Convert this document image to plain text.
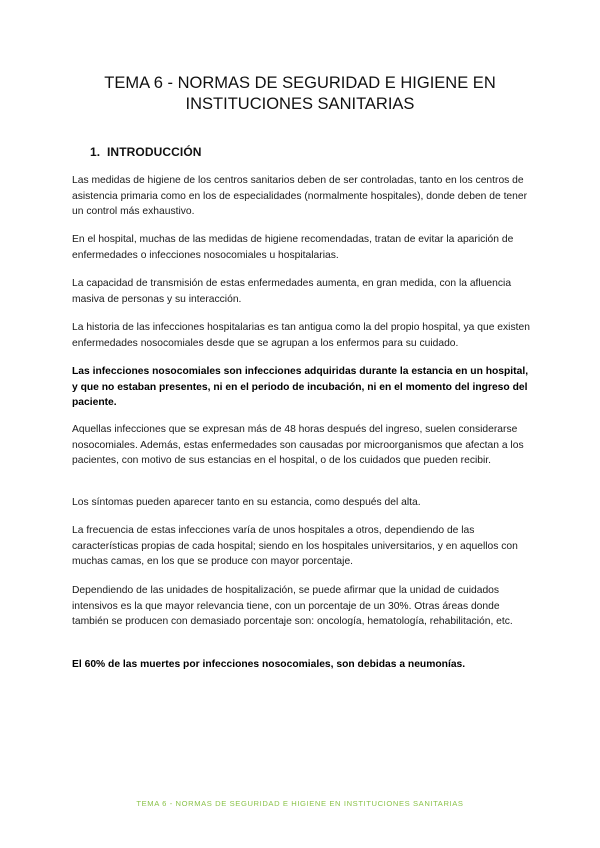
TEMA 6 - NORMAS DE SEGURIDAD E HIGIENE EN
INSTITUCIONES SANITARIAS
1. INTRODUCCIÓN

Las medidas de higiene de los centros sanitarios deben de ser controladas, tanto en los centros de asistencia primaria como en los de especialidades (normalmente hospitales), donde deben de tener un control más exhaustivo.

En el hospital, muchas de las medidas de higiene recomendadas, tratan de evitar la aparición de enfermedades o infecciones nosocomiales u hospitalarias.

La capacidad de transmisión de estas enfermedades aumenta, en gran medida, con la afluencia masiva de personas y su interacción.

La historia de las infecciones hospitalarias es tan antigua como la del propio hospital, ya que existen enfermedades nosocomiales desde que se agrupan a los enfermos para su cuidado.

Las infecciones nosocomiales son infecciones adquiridas durante la estancia en un hospital, y que no estaban presentes, ni en el periodo de incubación, ni en el momento del ingreso del paciente.

Aquellas infecciones que se expresan más de 48 horas después del ingreso, suelen considerarse nosocomiales. Además, estas enfermedades son causadas por microorganismos que afectan a los pacientes, con motivo de sus estancias en el hospital, o de los cuidados que pueden recibir.

Los síntomas pueden aparecer tanto en su estancia, como después del alta.

La frecuencia de estas infecciones varía de unos hospitales a otros, dependiendo de las características propias de cada hospital; siendo en los hospitales universitarios, y en aquellos con muchas camas, en los que se produce con mayor porcentaje.

Dependiendo de las unidades de hospitalización, se puede afirmar que la unidad de cuidados intensivos es la que mayor relevancia tiene, con un porcentaje de un 30%. Otras áreas donde también se producen con demasiado porcentaje son: oncología, hematología, rehabilitación, etc.

El 60% de las muertes por infecciones nosocomiales, son debidas a neumonías.

TEMA 6 - NORMAS DE SEGURIDAD E HIGIENE EN INSTITUCIONES SANITARIAS
